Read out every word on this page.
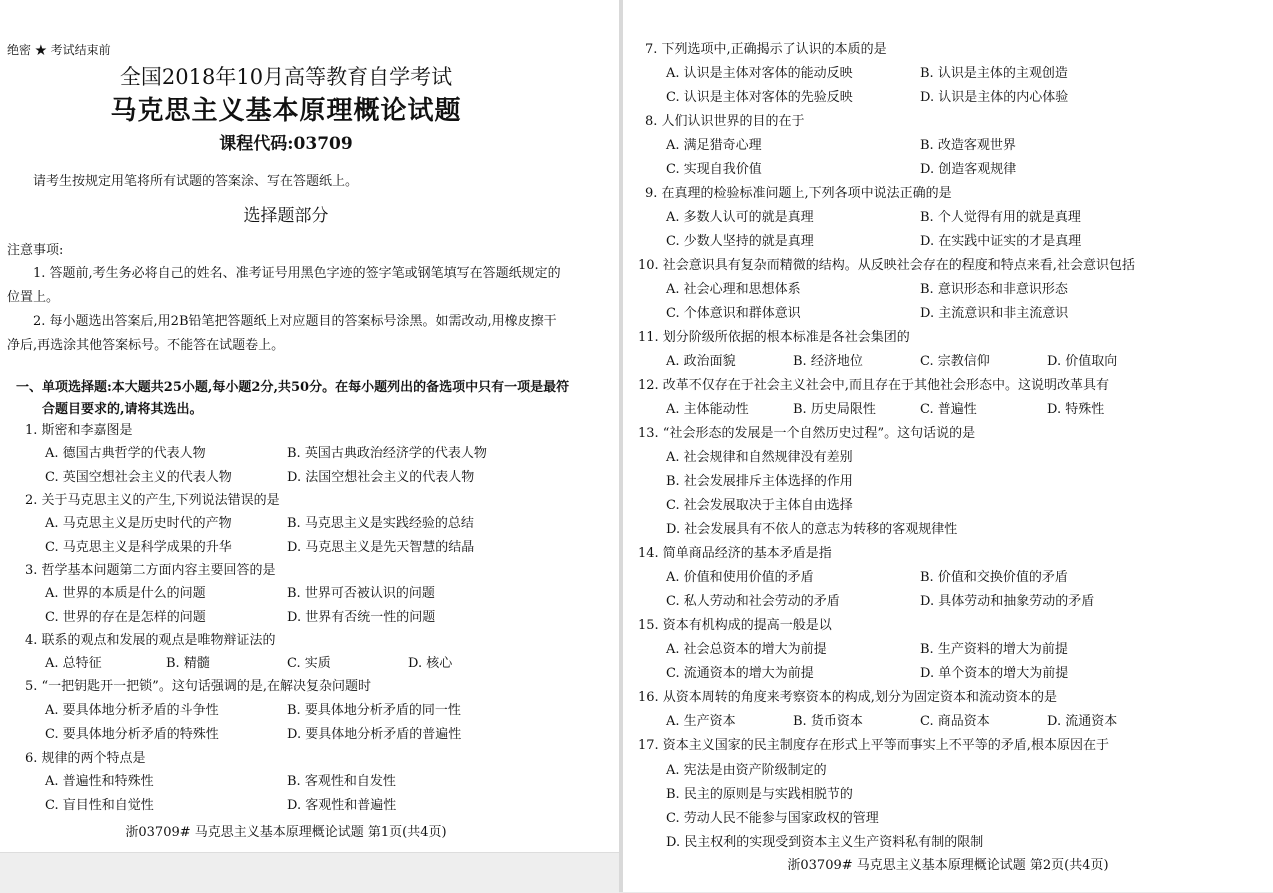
绝密 ★ 考试结束前
全国2018年10月高等教育自学考试
马克思主义基本原理概论试题
课程代码:03709
请考生按规定用笔将所有试题的答案涂、写在答题纸上。
选择题部分
注意事项:
1. 答题前,考生务必将自己的姓名、准考证号用黑色字迹的签字笔或钢笔填写在答题纸规定的位置上。
2. 每小题选出答案后,用2B铅笔把答题纸上对应题目的答案标号涂黑。如需改动,用橡皮擦干净后,再选涂其他答案标号。不能答在试题卷上。
一、单项选择题:本大题共25小题,每小题2分,共50分。在每小题列出的备选项中只有一项是最符合题目要求的,请将其选出。
1. 斯密和李嘉图是
A. 德国古典哲学的代表人物	B. 英国古典政治经济学的代表人物
C. 英国空想社会主义的代表人物	D. 法国空想社会主义的代表人物
2. 关于马克思主义的产生,下列说法错误的是
A. 马克思主义是历史时代的产物	B. 马克思主义是实践经验的总结
C. 马克思主义是科学成果的升华	D. 马克思主义是先天智慧的结晶
3. 哲学基本问题第二方面内容主要回答的是
A. 世界的本质是什么的问题	B. 世界可否被认识的问题
C. 世界的存在是怎样的问题	D. 世界有否统一性的问题
4. 联系的观点和发展的观点是唯物辩证法的
A. 总特征	B. 精髓	C. 实质	D. 核心
5. “一把钥匙开一把锁”。这句话强调的是,在解决复杂问题时
A. 要具体地分析矛盾的斗争性	B. 要具体地分析矛盾的同一性
C. 要具体地分析矛盾的特殊性	D. 要具体地分析矛盾的普遍性
6. 规律的两个特点是
A. 普遍性和特殊性	B. 客观性和自发性
C. 盲目性和自觉性	D. 客观性和普遍性
浙03709# 马克思主义基本原理概论试题 第1页(共4页)
7. 下列选项中,正确揭示了认识的本质的是
A. 认识是主体对客体的能动反映	B. 认识是主体的主观创造
C. 认识是主体对客体的先验反映	D. 认识是主体的内心体验
8. 人们认识世界的目的在于
A. 满足猎奇心理	B. 改造客观世界
C. 实现自我价值	D. 创造客观规律
9. 在真理的检验标准问题上,下列各项中说法正确的是
A. 多数人认可的就是真理	B. 个人觉得有用的就是真理
C. 少数人坚持的就是真理	D. 在实践中证实的才是真理
10. 社会意识具有复杂而精微的结构。从反映社会存在的程度和特点来看,社会意识包括
A. 社会心理和思想体系	B. 意识形态和非意识形态
C. 个体意识和群体意识	D. 主流意识和非主流意识
11. 划分阶级所依据的根本标准是各社会集团的
A. 政治面貌	B. 经济地位	C. 宗教信仰	D. 价值取向
12. 改革不仅存在于社会主义社会中,而且存在于其他社会形态中。这说明改革具有
A. 主体能动性	B. 历史局限性	C. 普遍性	D. 特殊性
13. “社会形态的发展是一个自然历史过程”。这句话说的是
A. 社会规律和自然规律没有差别
B. 社会发展排斥主体选择的作用
C. 社会发展取决于主体自由选择
D. 社会发展具有不依人的意志为转移的客观规律性
14. 简单商品经济的基本矛盾是指
A. 价值和使用价值的矛盾	B. 价值和交换价值的矛盾
C. 私人劳动和社会劳动的矛盾	D. 具体劳动和抽象劳动的矛盾
15. 资本有机构成的提高一般是以
A. 社会总资本的增大为前提	B. 生产资料的增大为前提
C. 流通资本的增大为前提	D. 单个资本的增大为前提
16. 从资本周转的角度来考察资本的构成,划分为固定资本和流动资本的是
A. 生产资本	B. 货币资本	C. 商品资本	D. 流通资本
17. 资本主义国家的民主制度存在形式上平等而事实上不平等的矛盾,根本原因在于
A. 宪法是由资产阶级制定的
B. 民主的原则是与实践相脱节的
C. 劳动人民不能参与国家政权的管理
D. 民主权利的实现受到资本主义生产资料私有制的限制
浙03709# 马克思主义基本原理概论试题 第2页(共4页)
